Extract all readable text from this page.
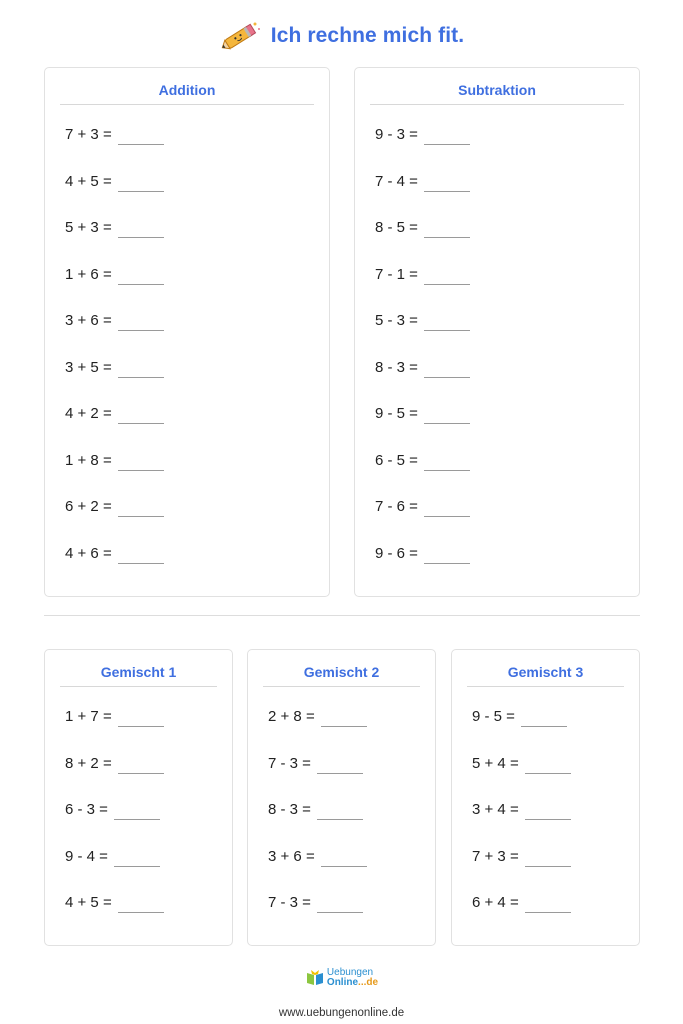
Ich rechne mich fit.
Addition
7 + 3 =
4 + 5 =
5 + 3 =
1 + 6 =
3 + 6 =
3 + 5 =
4 + 2 =
1 + 8 =
6 + 2 =
4 + 6 =
Subtraktion
9 - 3 =
7 - 4 =
8 - 5 =
7 - 1 =
5 - 3 =
8 - 3 =
9 - 5 =
6 - 5 =
7 - 6 =
9 - 6 =
Gemischt 1
1 + 7 =
8 + 2 =
6 - 3 =
9 - 4 =
4 + 5 =
Gemischt 2
2 + 8 =
7 - 3 =
8 - 3 =
3 + 6 =
7 - 3 =
Gemischt 3
9 - 5 =
5 + 4 =
3 + 4 =
7 + 3 =
6 + 4 =
Uebungen
Online...de
www.uebungenonline.de
